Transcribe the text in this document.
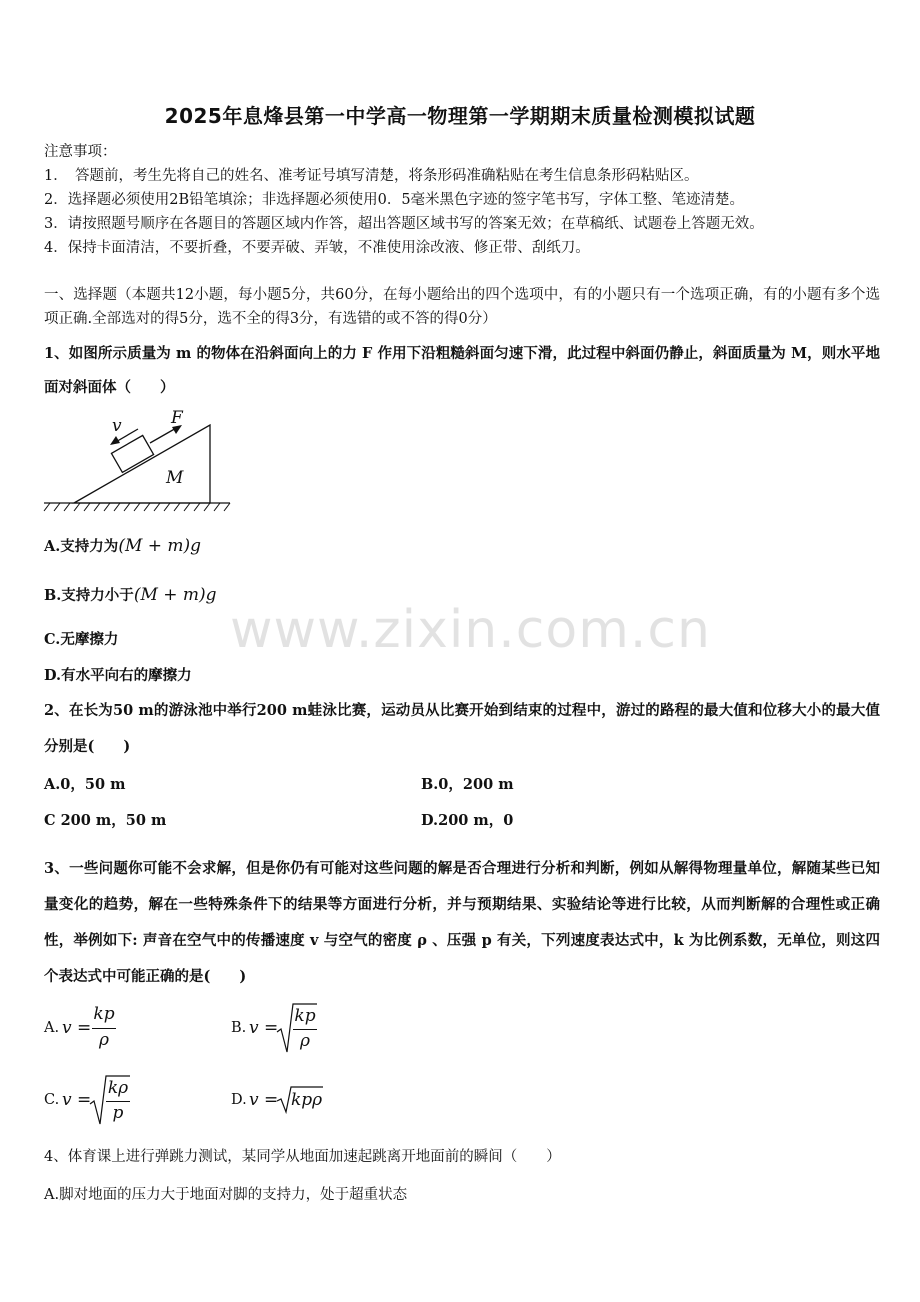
2025年息烽县第一中学高一物理第一学期期末质量检测模拟试题
注意事项：
1．　答题前，考生先将自己的姓名、准考证号填写清楚，将条形码准确粘贴在考生信息条形码粘贴区。
2．选择题必须使用2B铅笔填涂；非选择题必须使用0．5毫米黑色字迹的签字笔书写，字体工整、笔迹清楚。
3．请按照题号顺序在各题目的答题区域内作答，超出答题区域书写的答案无效；在草稿纸、试题卷上答题无效。
4．保持卡面清洁，不要折叠，不要弄破、弄皱，不准使用涂改液、修正带、刮纸刀。
一、选择题（本题共12小题，每小题5分，共60分，在每小题给出的四个选项中，有的小题只有一个选项正确，有的小题有多个选项正确.全部选对的得5分，选不全的得3分，有选错的或不答的得0分）
1、如图所示质量为 m 的物体在沿斜面向上的力 F 作用下沿粗糙斜面匀速下滑，此过程中斜面仍静止，斜面质量为 M，则水平地面对斜面体（　　）
v	F
M
A.支持力为(M + m)g
B.支持力小于(M + m)g
C.无摩擦力
D.有水平向右的摩擦力
2、在长为50 m的游泳池中举行200 m蛙泳比赛，运动员从比赛开始到结束的过程中，游过的路程的最大值和位移大小的最大值分别是(　　)
A.0，50 m	B.0，200 m
C 200 m，50 m	D.200 m，0
3、一些问题你可能不会求解，但是你仍有可能对这些问题的解是否合理进行分析和判断，例如从解得物理量单位，解随某些已知量变化的趋势，解在一些特殊条件下的结果等方面进行分析，并与预期结果、实验结论等进行比较，从而判断解的合理性或正确性，举例如下: 声音在空气中的传播速度 v 与空气的密度 ρ 、压强 p 有关，下列速度表达式中，k 为比例系数，无单位，则这四个表达式中可能正确的是(　　)
A. v =
kp
ρ
B. v =
kp
ρ
C. v =
kρ
p
D. v = kpρ
4、体育课上进行弹跳力测试，某同学从地面加速起跳离开地面前的瞬间（　　）
A.脚对地面的压力大于地面对脚的支持力，处于超重状态
www.zixin.com.cn
